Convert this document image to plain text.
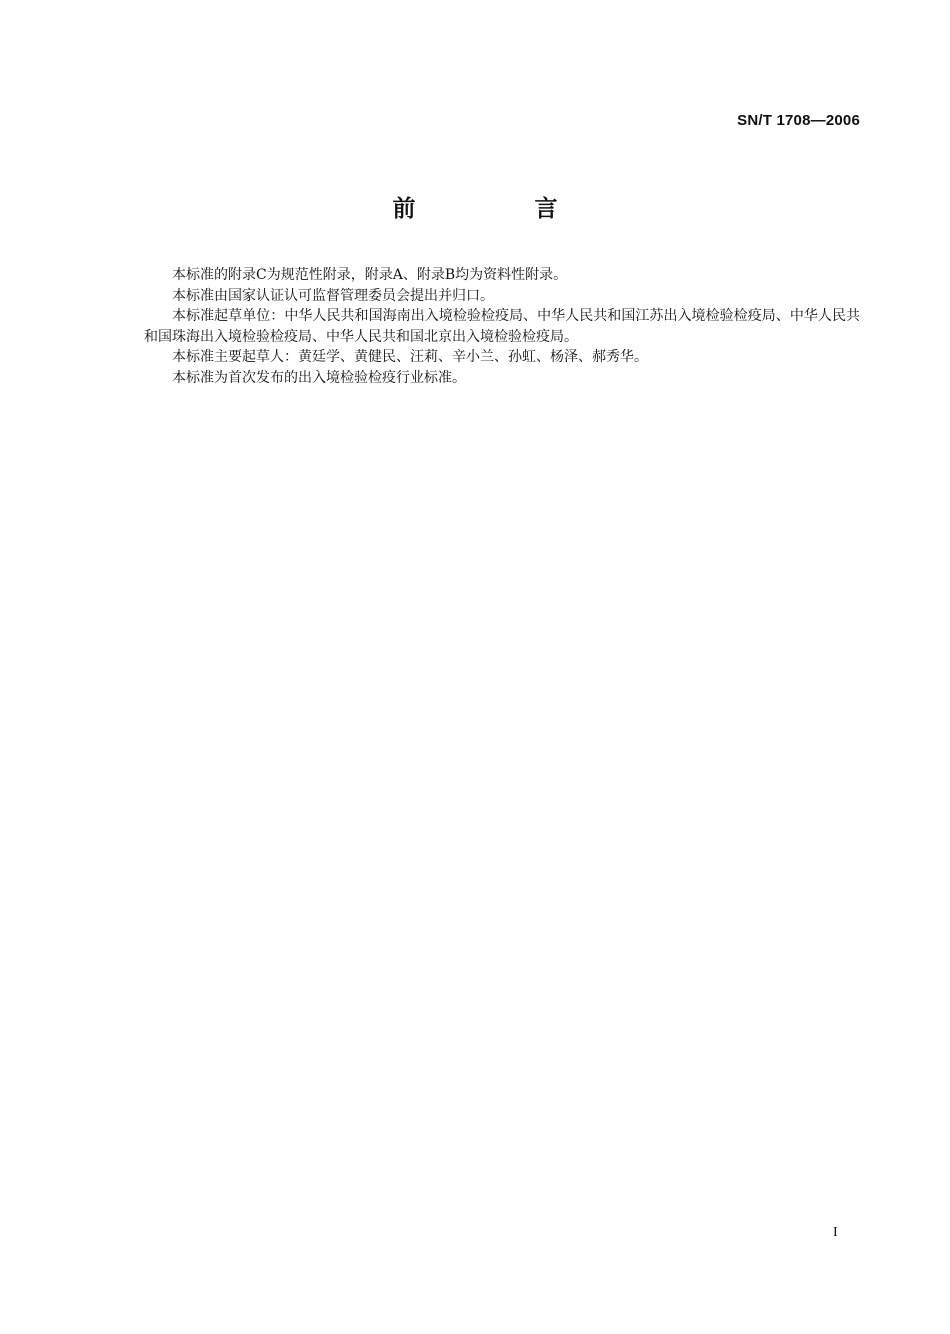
SN/T 1708—2006
前　言

本标准的附录C为规范性附录，附录A、附录B均为资料性附录。

本标准由国家认证认可监督管理委员会提出并归口。

本标准起草单位：中华人民共和国海南出入境检验检疫局、中华人民共和国江苏出入境检验检疫局、中华人民共和国珠海出入境检验检疫局、中华人民共和国北京出入境检验检疫局。

本标准主要起草人：黄廷学、黄健民、汪莉、辛小兰、孙虹、杨泽、郝秀华。

本标准为首次发布的出入境检验检疫行业标准。

I
